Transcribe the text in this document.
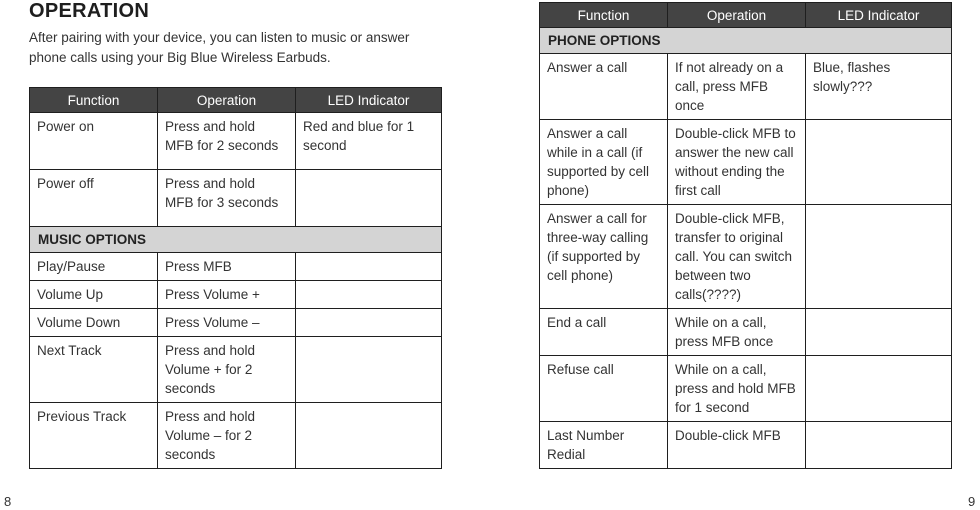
OPERATION
After pairing with your device, you can listen to music or answer phone calls using your Big Blue Wireless Earbuds.
Function	Operation	LED Indicator
Power on	Press and hold MFB for 2 seconds	Red and blue for 1 second
Power off	Press and hold MFB for 3 seconds	
MUSIC OPTIONS		
Play/Pause	Press MFB	
Volume Up	Press Volume +	
Volume Down	Press Volume –	
Next Track	Press and hold Volume + for 2 seconds	
Previous Track	Press and hold Volume – for 2 seconds	
Function	Operation	LED Indicator
PHONE OPTIONS		
Answer a call	If not already on a call, press MFB once	Blue, flashes slowly???
Answer a call while in a call (if supported by cell phone)	Double-click MFB to answer the new call without ending the first call	
Answer a call for three-way calling (if supported by cell phone)	Double-click MFB, transfer to original call. You can switch between two calls(????)	
End a call	While on a call, press MFB once	
Refuse call	While on a call, press and hold MFB for 1 second	
Last Number Redial	Double-click MFB	
8	9
